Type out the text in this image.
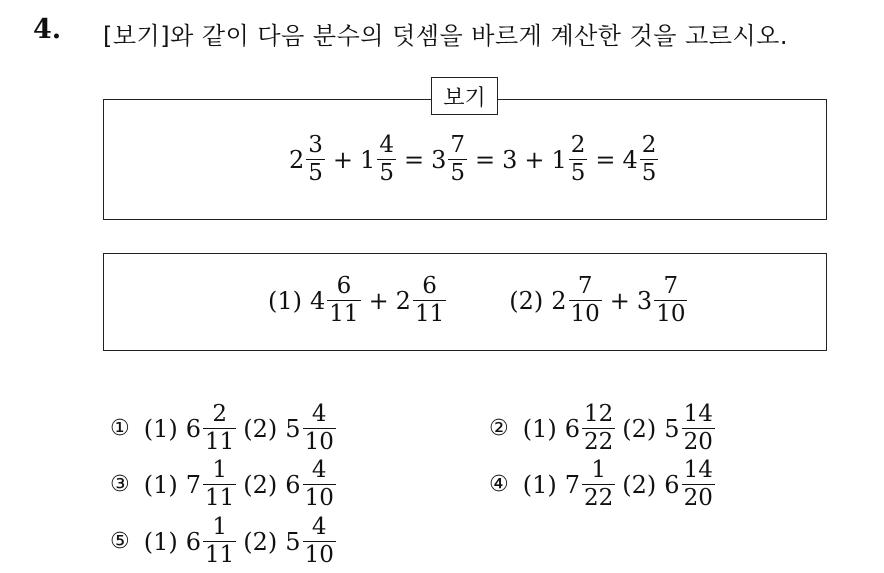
4. [보기]와 같이 다음 분수의 덧셈을 바르게 계산한 것을 고르시오.
보기
$2 \frac{3}{5} + 1 \frac{4}{5} = 3 \frac{7}{5} = 3 + 1 \frac{2}{5} = 4 \frac{2}{5}$
(1) $4 \frac{6}{11} + 2 \frac{6}{11}$	(2) $2 \frac{7}{10} + 3 \frac{7}{10}$
① (1) $6 \frac{2}{11} (2)$ $5 \frac{4}{10}$	② (1) $6 \frac{12}{22} (2)$ $5 \frac{14}{20}$
③ (1) $7 \frac{1}{11} (2)$ $6 \frac{4}{10}$	④ (1) $7 \frac{1}{22} (2)$ $6 \frac{14}{20}$
⑤ (1) $6 \frac{1}{11} (2)$ $5 \frac{4}{10}$
